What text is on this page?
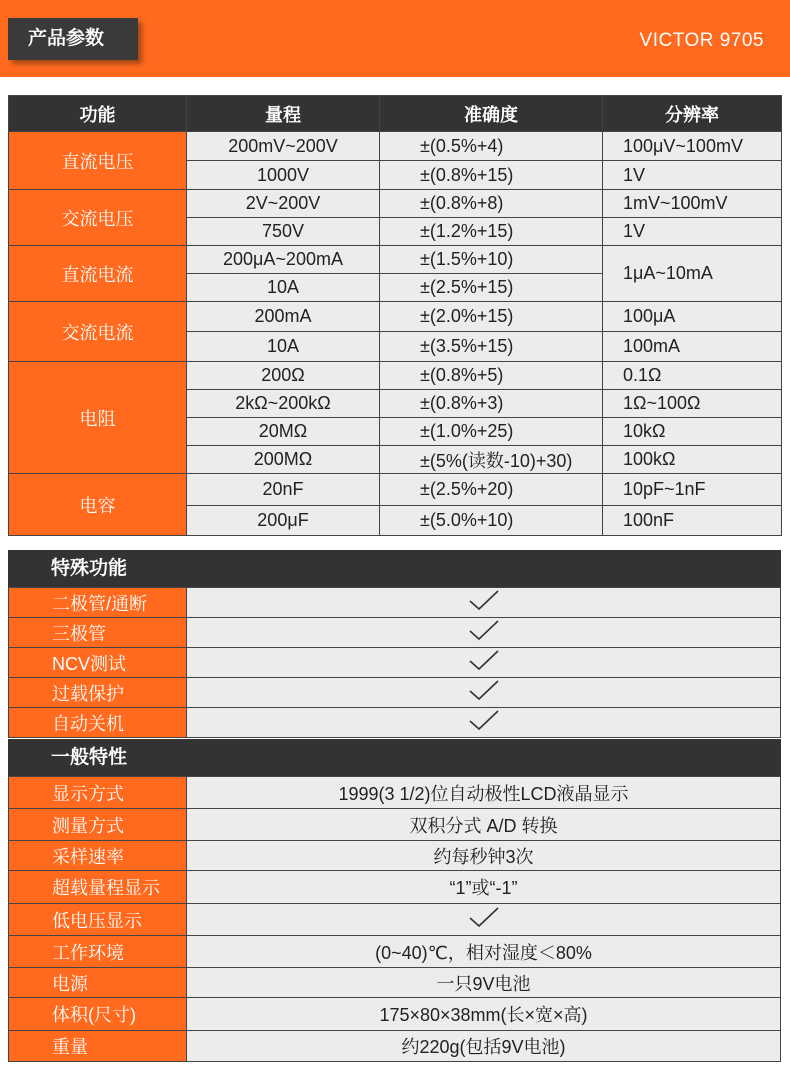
产品参数	VICTOR 9705
功能	量程	准确度	分辨率
直流电压	200mV~200V	±(0.5%+4)	100μV~100mV
	1000V	±(0.8%+15)	1V
交流电压	2V~200V	±(0.8%+8)	1mV~100mV
	750V	±(1.2%+15)	1V
直流电流	200μA~200mA	±(1.5%+10)	1μA~10mA
	10A	±(2.5%+15)	
交流电流	200mA	±(2.0%+15)	100μA
	10A	±(3.5%+15)	100mA
电阻	200Ω	±(0.8%+5)	0.1Ω
	2kΩ~200kΩ	±(0.8%+3)	1Ω~100Ω
	20MΩ	±(1.0%+25)	10kΩ
	200MΩ	±(5%(读数-10)+30)	100kΩ
电容	20nF	±(2.5%+20)	10pF~1nF
	200μF	±(5.0%+10)	100nF
特殊功能
二极管/通断	
三极管	
NCV测试	
过载保护	
自动关机	
一般特性
显示方式	1999(3 1/2)位自动极性LCD液晶显示
测量方式	双积分式 A/D 转换
采样速率	约每秒钟3次
超载量程显示	“1”或“-1”
低电压显示	
工作环境	(0~40)℃，相对湿度＜80%
电源	一只9V电池
体积(尺寸)	175×80×38mm(长×宽×高)
重量	约220g(包括9V电池)
